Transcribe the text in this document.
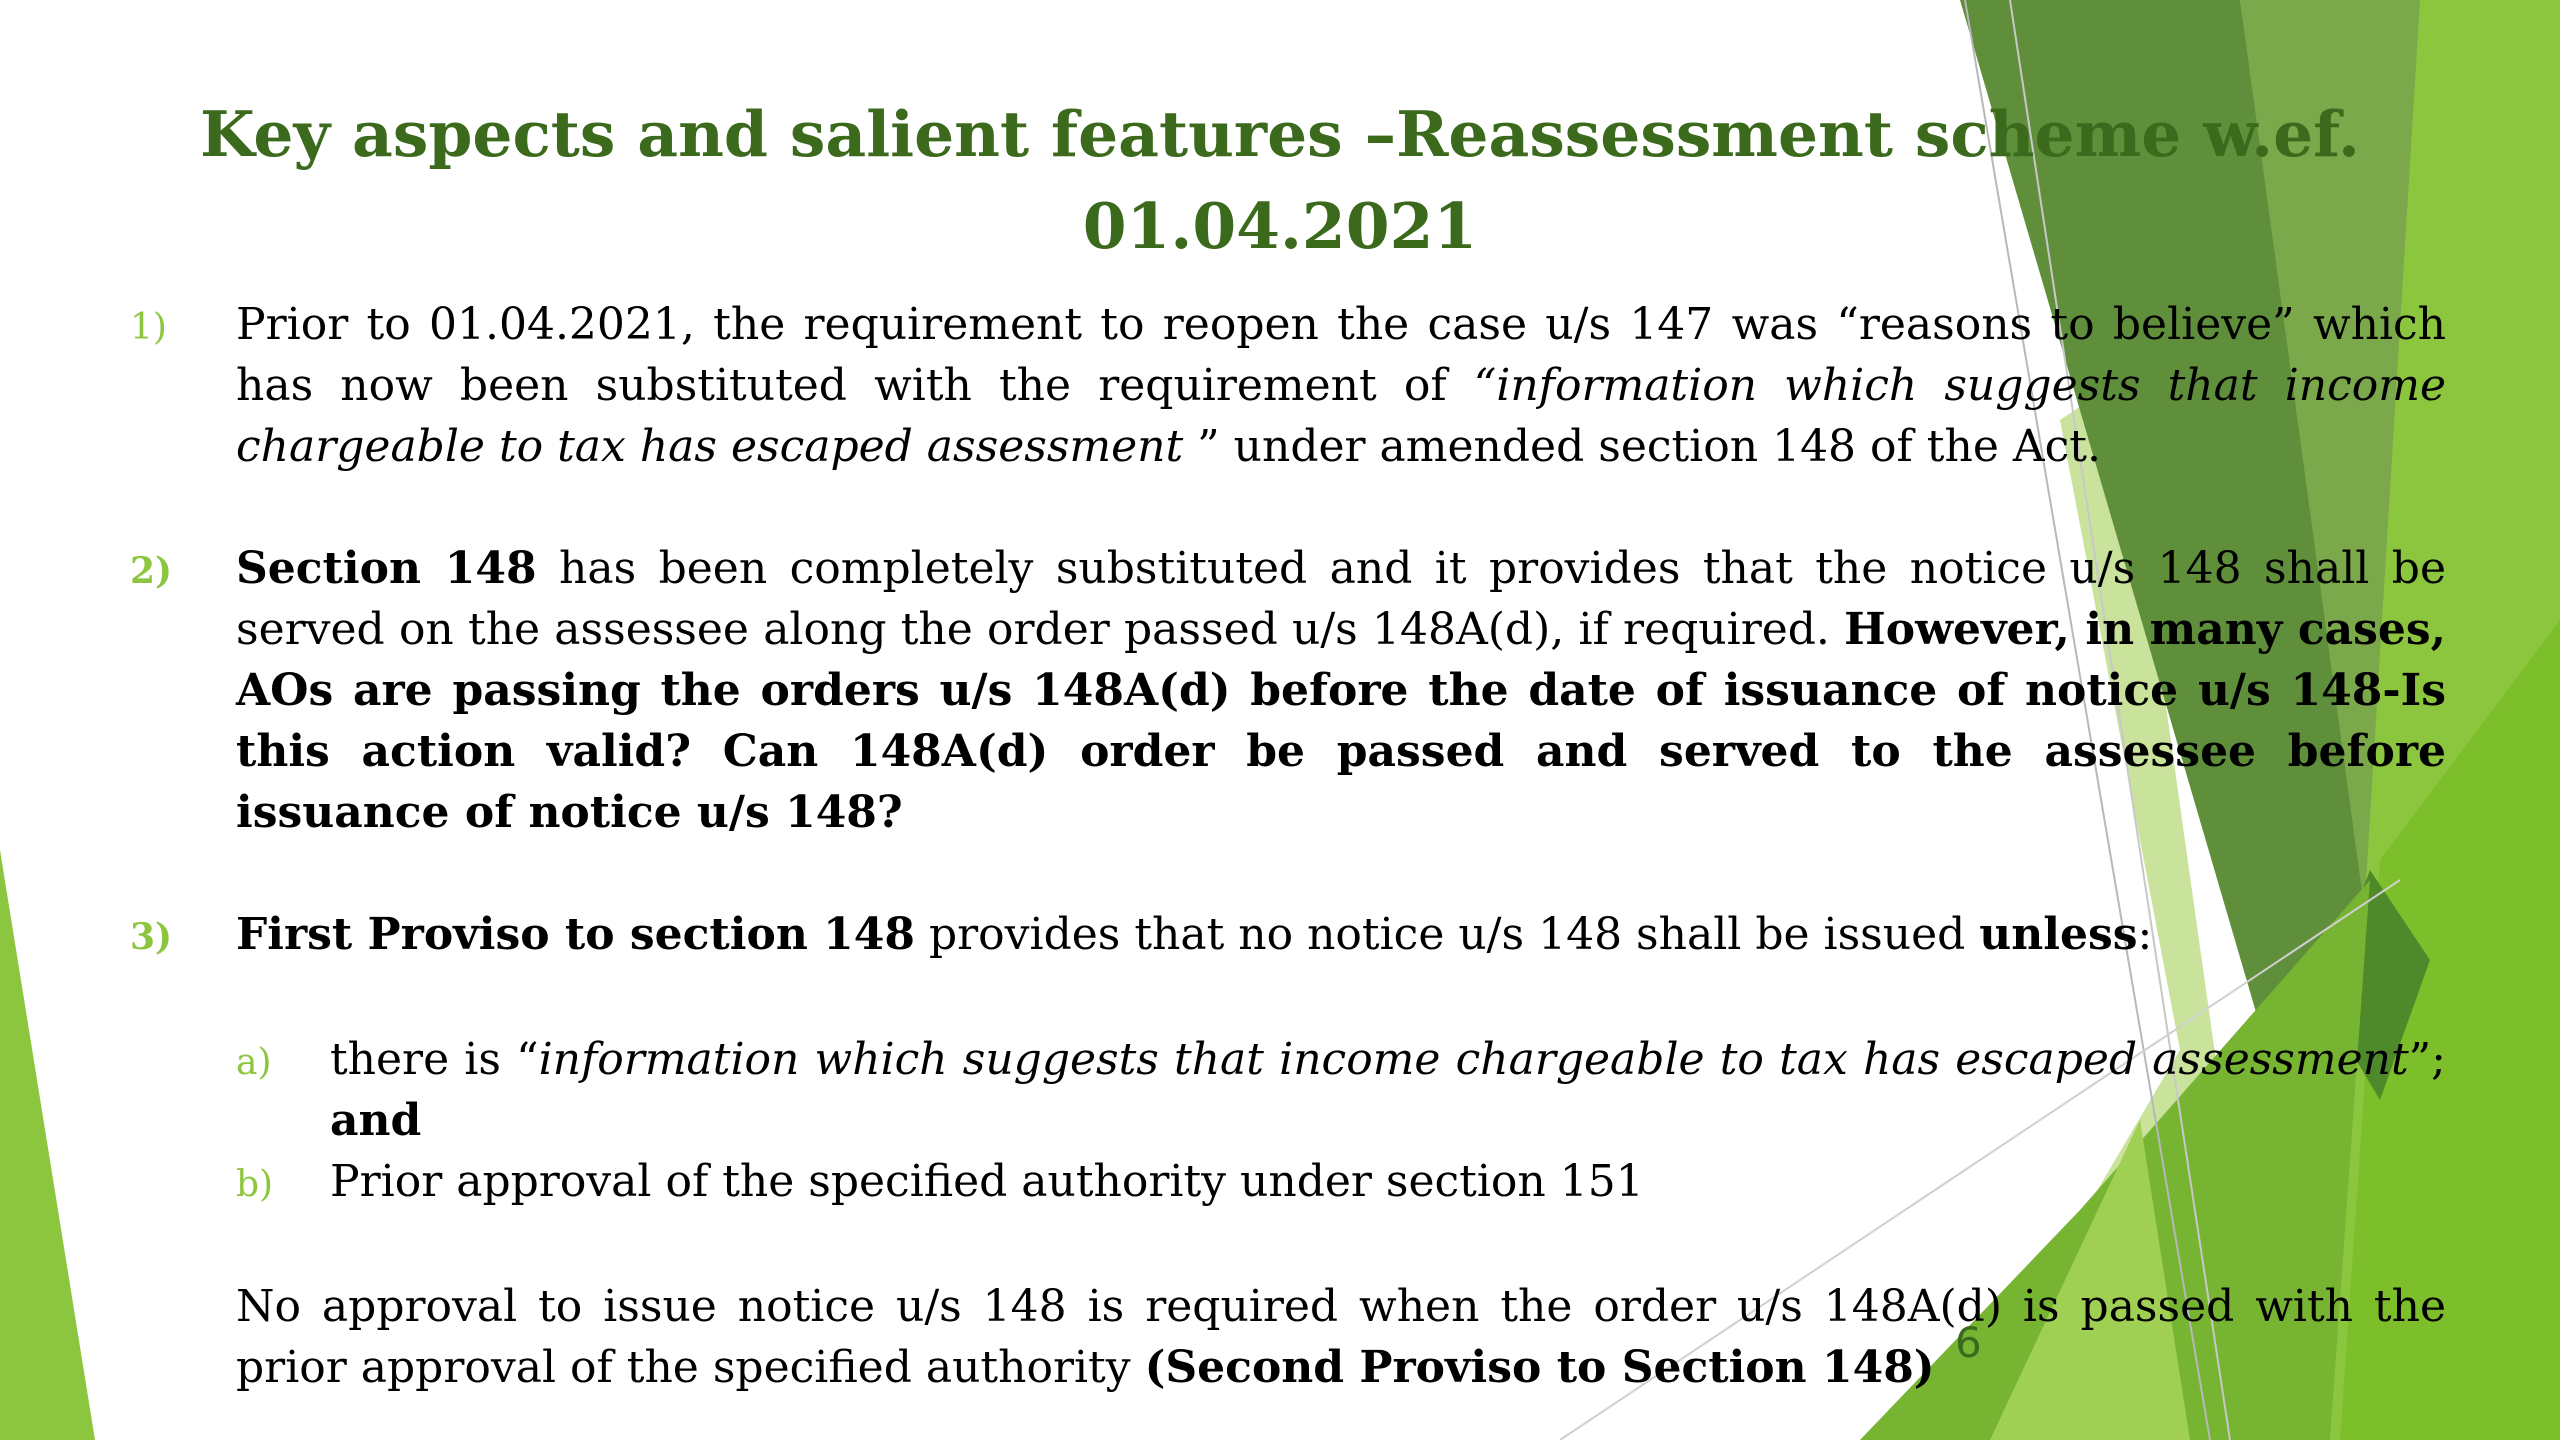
Key aspects and salient features –Reassessment scheme w.ef.
01.04.2021
1)	Prior to 01.04.2021, the requirement to reopen the case u/s 147 was “reasons to believe” which has now been substituted with the requirement of “information which suggests that income chargeable to tax has escaped assessment ” under amended section 148 of the Act.
2)	Section 148 has been completely substituted and it provides that the notice u/s 148 shall be served on the assessee along the order passed u/s 148A(d), if required. However, in many cases, AOs are passing the orders u/s 148A(d) before the date of issuance of notice u/s 148-Is this action valid? Can 148A(d) order be passed and served to the assessee before issuance of notice u/s 148?
3)	First Proviso to section 148 provides that no notice u/s 148 shall be issued unless:
a)	there is “information which suggests that income chargeable to tax has escaped assessment”; and
b)	Prior approval of the specified authority under section 151
No approval to issue notice u/s 148 is required when the order u/s 148A(d) is passed with the prior approval of the specified authority (Second Proviso to Section 148) 6
